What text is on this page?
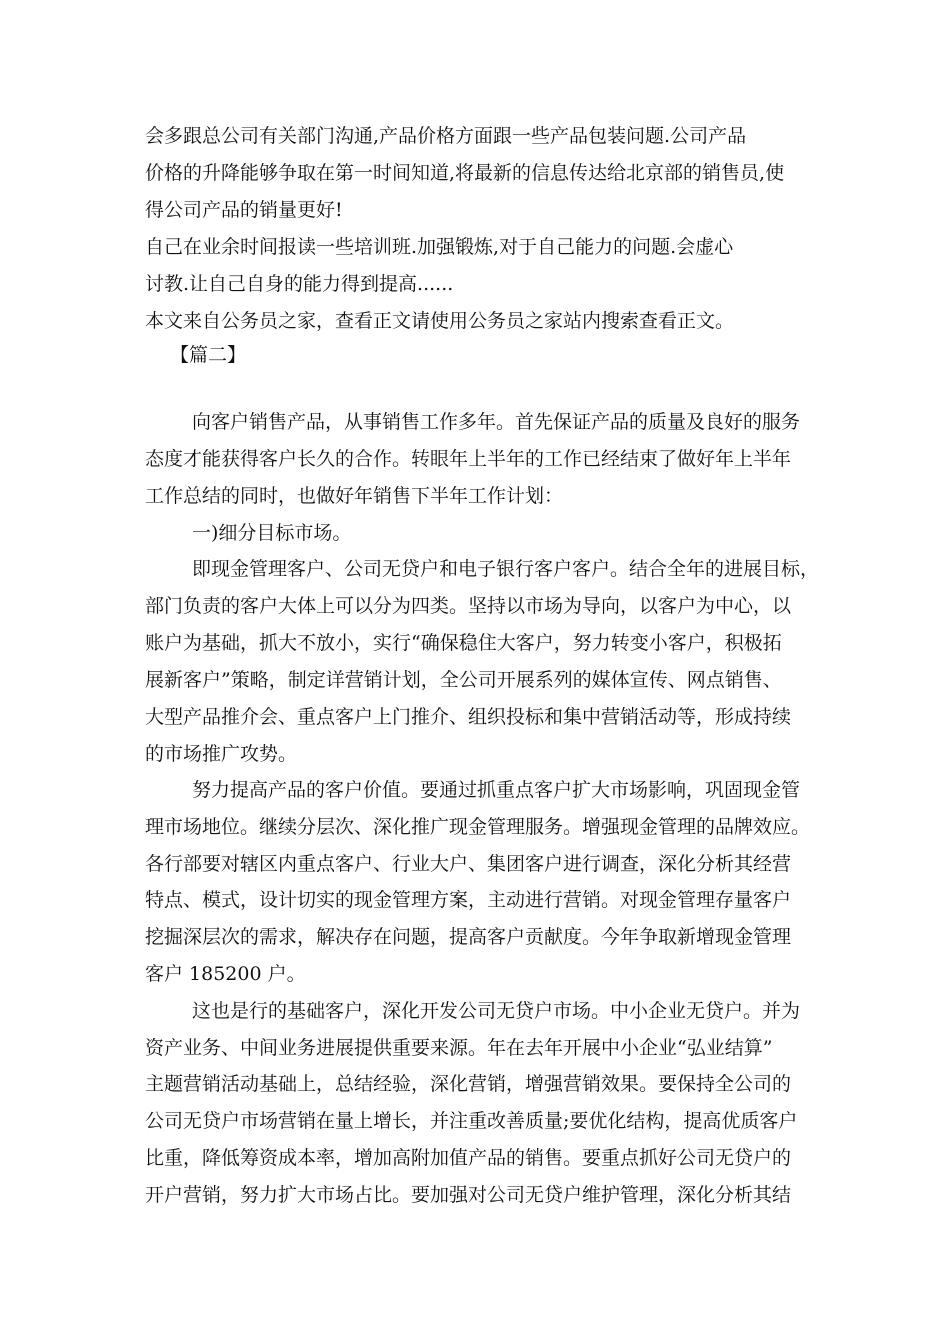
会多跟总公司有关部门沟通,产品价格方面跟一些产品包装问题.公司产品
价格的升降能够争取在第一时间知道,将最新的信息传达给北京部的销售员,使
得公司产品的销量更好!
自己在业余时间报读一些培训班.加强锻炼,对于自己能力的问题.会虚心
讨教.让自己自身的能力得到提高......
本文来自公务员之家，查看正文请使用公务员之家站内搜索查看正文。
【篇二】
向客户销售产品，从事销售工作多年。首先保证产品的质量及良好的服务
态度才能获得客户长久的合作。转眼年上半年的工作已经结束了做好年上半年
工作总结的同时，也做好年销售下半年工作计划：
一)细分目标市场。
即现金管理客户、公司无贷户和电子银行客户客户。结合全年的进展目标，
部门负责的客户大体上可以分为四类。坚持以市场为导向，以客户为中心，以
账户为基础，抓大不放小，实行“确保稳住大客户，努力转变小客户，积极拓
展新客户”策略，制定详营销计划，全公司开展系列的媒体宣传、网点销售、
大型产品推介会、重点客户上门推介、组织投标和集中营销活动等，形成持续
的市场推广攻势。
努力提高产品的客户价值。要通过抓重点客户扩大市场影响，巩固现金管
理市场地位。继续分层次、深化推广现金管理服务。增强现金管理的品牌效应。
各行部要对辖区内重点客户、行业大户、集团客户进行调查，深化分析其经营
特点、模式，设计切实的现金管理方案，主动进行营销。对现金管理存量客户
挖掘深层次的需求，解决存在问题，提高客户贡献度。今年争取新增现金管理
客户 185200 户。
这也是行的基础客户，深化开发公司无贷户市场。中小企业无贷户。并为
资产业务、中间业务进展提供重要来源。年在去年开展中小企业“弘业结算”
主题营销活动基础上，总结经验，深化营销，增强营销效果。要保持全公司的
公司无贷户市场营销在量上增长，并注重改善质量;要优化结构，提高优质客户
比重，降低筹资成本率，增加高附加值产品的销售。要重点抓好公司无贷户的
开户营销，努力扩大市场占比。要加强对公司无贷户维护管理，深化分析其结
